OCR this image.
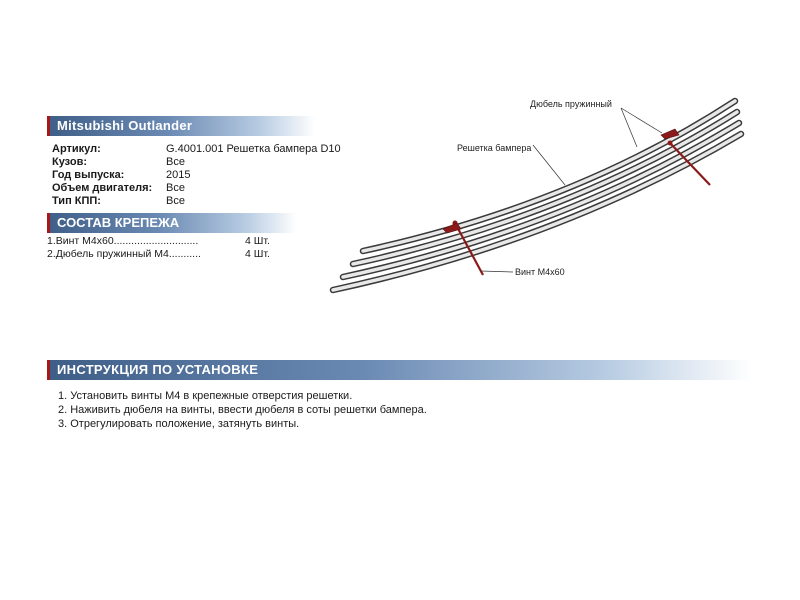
Mitsubishi Outlander
Артикул:	G.4001.001 Решетка бампера D10
Кузов:	Все
Год выпуска:	2015
Объем двигателя:	Все
Тип КПП:	Все
СОСТАВ КРЕПЕЖА
1.Винт М4х60.............................	4 Шт.
2.Дюбель пружинный М4...........	4 Шт.
Дюбель пружинный
Решетка бампера
Винт М4х60
ИНСТРУКЦИЯ ПО УСТАНОВКЕ
1. Установить винты М4 в крепежные отверстия решетки.
2. Наживить дюбеля на винты, ввести дюбеля в соты решетки бампера.
3. Отрегулировать положение, затянуть винты.
